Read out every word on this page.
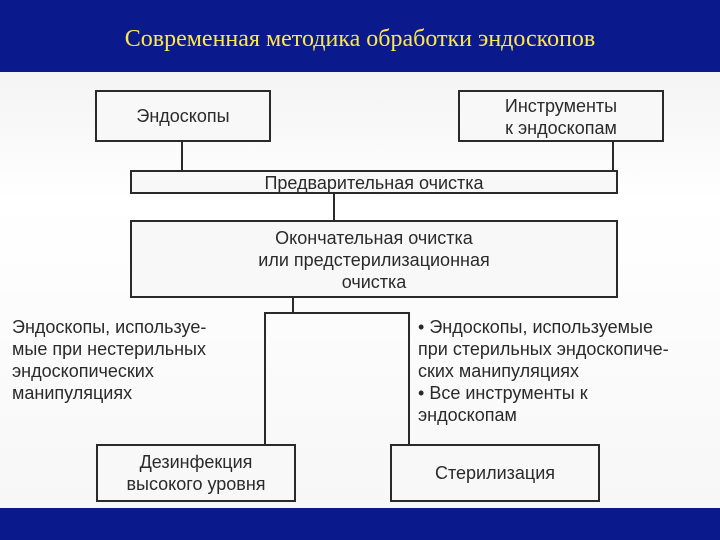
Современная методика обработки эндоскопов
Эндоскопы	Инструменты
к эндоскопам
Предварительная очистка
Окончательная очистка
или предстерилизационная
очистка
Эндоскопы, используе-
мые при нестерильных
эндоскопических
манипуляциях
• Эндоскопы, используемые
при стерильных эндоскопиче-
ских манипуляциях
• Все инструменты к
эндоскопам
Дезинфекция
высокого уровня
Стерилизация
